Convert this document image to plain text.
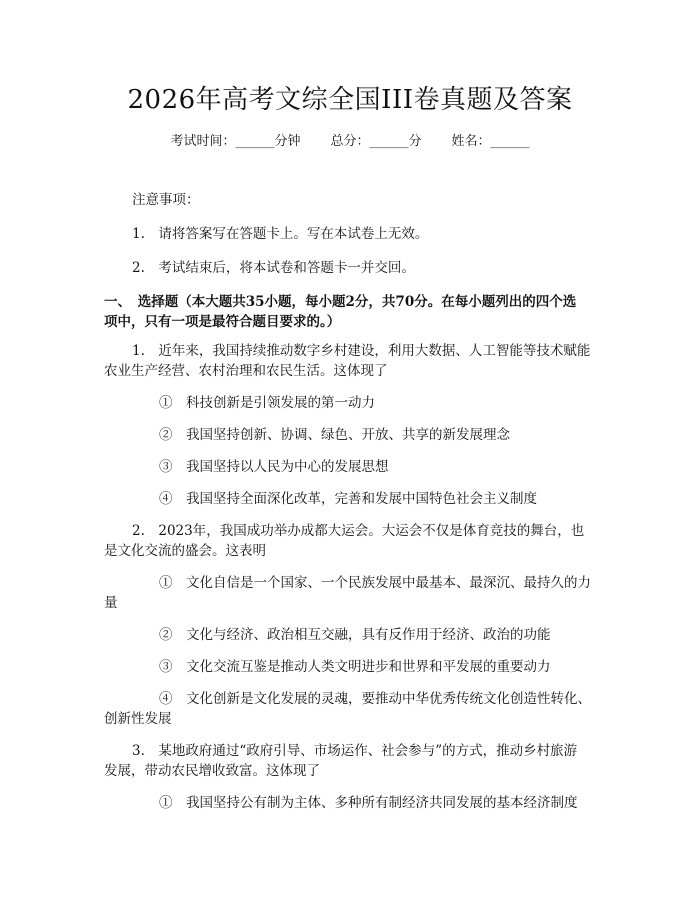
2026年高考文综全国III卷真题及答案
考试时间：______分钟 总分：______分 姓名：______
注意事项：
1.　请将答案写在答题卡上。写在本试卷上无效。
2.　考试结束后，将本试卷和答题卡一并交回。
一、　选择题（本大题共35小题，每小题2分，共70分。在每小题列出的四个选
项中，只有一项是最符合题目要求的。）
1.　近年来，我国持续推动数字乡村建设，利用大数据、人工智能等技术赋能
农业生产经营、农村治理和农民生活。这体现了
①　科技创新是引领发展的第一动力
②　我国坚持创新、协调、绿色、开放、共享的新发展理念
③　我国坚持以人民为中心的发展思想
④　我国坚持全面深化改革，完善和发展中国特色社会主义制度
2.　2023年，我国成功举办成都大运会。大运会不仅是体育竞技的舞台，也
是文化交流的盛会。这表明
①　文化自信是一个国家、一个民族发展中最基本、最深沉、最持久的力
量
②　文化与经济、政治相互交融，具有反作用于经济、政治的功能
③　文化交流互鉴是推动人类文明进步和世界和平发展的重要动力
④　文化创新是文化发展的灵魂，要推动中华优秀传统文化创造性转化、
创新性发展
3.　某地政府通过“政府引导、市场运作、社会参与”的方式，推动乡村旅游
发展，带动农民增收致富。这体现了
①　我国坚持公有制为主体、多种所有制经济共同发展的基本经济制度
